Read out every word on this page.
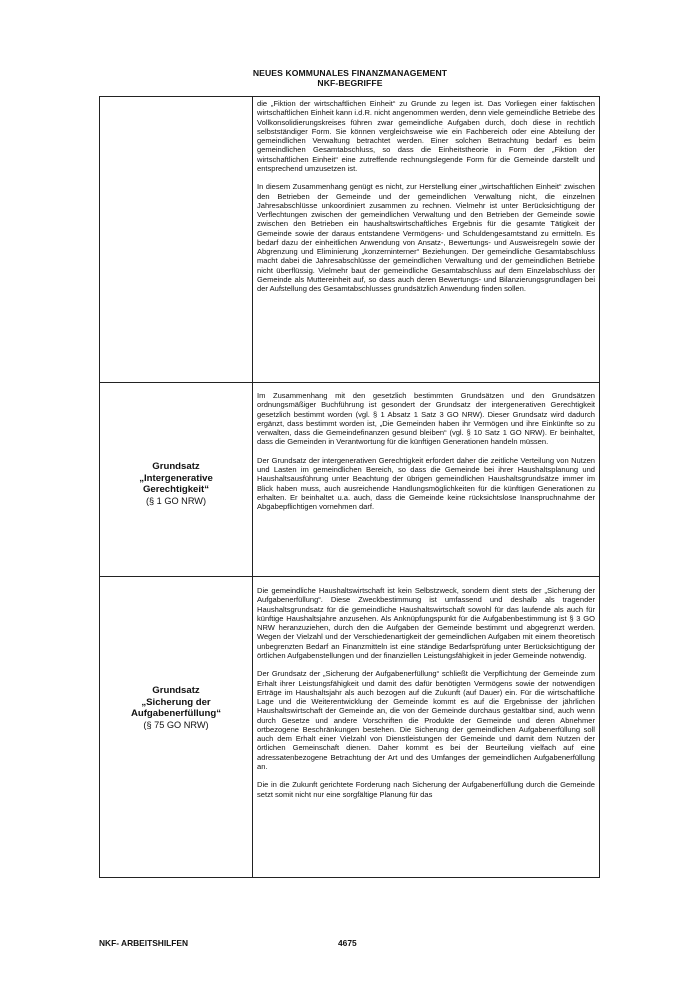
NEUES KOMMUNALES FINANZMANAGEMENT
NKF-BEGRIFFE

die „Fiktion der wirtschaftlichen Einheit“ zu Grunde zu legen ist. Das Vorliegen einer faktischen wirtschaftlichen Einheit kann i.d.R. nicht angenommen werden, denn viele gemeindliche Betriebe des Vollkonsolidierungskreises führen zwar gemeindliche Aufgaben durch, doch diese in rechtlich selbstständiger Form. Sie können vergleichsweise wie ein Fachbereich oder eine Abteilung der gemeindlichen Verwaltung betrachtet werden. Einer solchen Betrachtung bedarf es beim gemeindlichen Gesamtabschluss, so dass die Einheitstheorie in Form der „Fiktion der wirtschaftlichen Einheit“ eine zutreffende rechnungslegende Form für die Gemeinde darstellt und entsprechend umzusetzen ist.

In diesem Zusammenhang genügt es nicht, zur Herstellung einer „wirtschaftlichen Einheit“ zwischen den Betrieben der Gemeinde und der gemeindlichen Verwaltung nicht, die einzelnen Jahresabschlüsse unkoordiniert zusammen zu rechnen. Vielmehr ist unter Berücksichtigung der Verflechtungen zwischen der gemeindlichen Verwaltung und den Betrieben der Gemeinde sowie zwischen den Betrieben ein haushaltswirtschaftliches Ergebnis für die gesamte Tätigkeit der Gemeinde sowie der daraus entstandene Vermögens- und Schuldengesamtstand zu ermitteln. Es bedarf dazu der einheitlichen Anwendung von Ansatz-, Bewertungs- und Ausweisregeln sowie der Abgrenzung und Eliminierung „konzerninterner“ Beziehungen. Der gemeindliche Gesamtabschluss macht dabei die Jahresabschlüsse der gemeindlichen Verwaltung und der gemeindlichen Betriebe nicht überflüssig. Vielmehr baut der gemeindliche Gesamtabschluss auf dem Einzelabschluss der Gemeinde als Muttereinheit auf, so dass auch deren Bewertungs- und Bilanzierungsgrundlagen bei der Aufstellung des Gesamtabschlusses grundsätzlich Anwendung finden sollen.

Grundsatz
„Intergenerative
Gerechtigkeit“
(§ 1 GO NRW)

Im Zusammenhang mit den gesetzlich bestimmten Grundsätzen und den Grundsätzen ordnungsmäßiger Buchführung ist gesondert der Grundsatz der intergenerativen Gerechtigkeit gesetzlich bestimmt worden (vgl. § 1 Absatz 1 Satz 3 GO NRW). Dieser Grundsatz wird dadurch ergänzt, dass bestimmt worden ist, „Die Gemeinden haben ihr Vermögen und ihre Einkünfte so zu verwalten, dass die Gemeindefinanzen gesund bleiben“ (vgl. § 10 Satz 1 GO NRW). Er beinhaltet, dass die Gemeinden in Verantwortung für die künftigen Generationen handeln müssen.

Der Grundsatz der intergenerativen Gerechtigkeit erfordert daher die zeitliche Verteilung von Nutzen und Lasten im gemeindlichen Bereich, so dass die Gemeinde bei ihrer Haushaltsplanung und Haushaltsausführung unter Beachtung der übrigen gemeindlichen Haushaltsgrundsätze immer im Blick haben muss, auch ausreichende Handlungsmöglichkeiten für die künftigen Generationen zu erhalten. Er beinhaltet u.a. auch, dass die Gemeinde keine rücksichtslose Inanspruchnahme der Abgabepflichtigen vornehmen darf.

Grundsatz
„Sicherung der
Aufgabenerfüllung“
(§ 75 GO NRW)

Die gemeindliche Haushaltswirtschaft ist kein Selbstzweck, sondern dient stets der „Sicherung der Aufgabenerfüllung“. Diese Zweckbestimmung ist umfassend und deshalb als tragender Haushaltsgrundsatz für die gemeindliche Haushaltswirtschaft sowohl für das laufende als auch für künftige Haushaltsjahre anzusehen. Als Anknüpfungspunkt für die Aufgabenbestimmung ist § 3 GO NRW heranzuziehen, durch den die Aufgaben der Gemeinde bestimmt und abgegrenzt werden. Wegen der Vielzahl und der Verschiedenartigkeit der gemeindlichen Aufgaben mit einem theoretisch unbegrenzten Bedarf an Finanzmitteln ist eine ständige Bedarfsprüfung unter Berücksichtigung der örtlichen Aufgabenstellungen und der finanziellen Leistungsfähigkeit in jeder Gemeinde notwendig.

Der Grundsatz der „Sicherung der Aufgabenerfüllung“ schließt die Verpflichtung der Gemeinde zum Erhalt ihrer Leistungsfähigkeit und damit des dafür benötigten Vermögens sowie der notwendigen Erträge im Haushaltsjahr als auch bezogen auf die Zukunft (auf Dauer) ein. Für die wirtschaftliche Lage und die Weiterentwicklung der Gemeinde kommt es auf die Ergebnisse der jährlichen Haushaltswirtschaft der Gemeinde an, die von der Gemeinde durchaus gestaltbar sind, auch wenn durch Gesetze und andere Vorschriften die Produkte der Gemeinde und deren Abnehmer ortbezogene Beschränkungen bestehen. Die Sicherung der gemeindlichen Aufgabenerfüllung soll auch dem Erhalt einer Vielzahl von Dienstleistungen der Gemeinde und damit dem Nutzen der örtlichen Gemeinschaft dienen. Daher kommt es bei der Beurteilung vielfach auf eine adressatenbezogene Betrachtung der Art und des Umfanges der gemeindlichen Aufgabenerfüllung an.

Die in die Zukunft gerichtete Forderung nach Sicherung der Aufgabenerfüllung durch die Gemeinde setzt somit nicht nur eine sorgfältige Planung für das

NKF- ARBEITSHILFEN	4675
